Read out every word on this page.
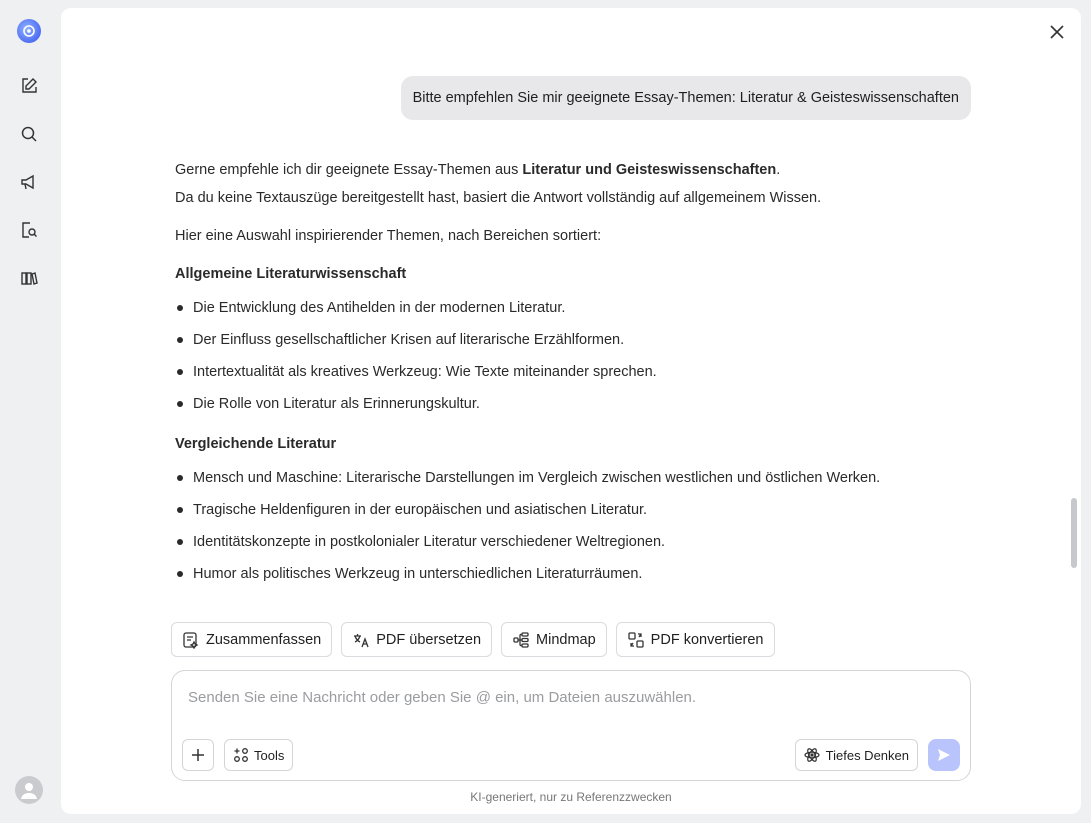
Bitte empfehlen Sie mir geeignete Essay-Themen: Literatur & Geisteswissenschaften

Gerne empfehle ich dir geeignete Essay-Themen aus Literatur und Geisteswissenschaften.

Da du keine Textauszüge bereitgestellt hast, basiert die Antwort vollständig auf allgemeinem Wissen.

Hier eine Auswahl inspirierender Themen, nach Bereichen sortiert:

Allgemeine Literaturwissenschaft
Die Entwicklung des Antihelden in der modernen Literatur.
Der Einfluss gesellschaftlicher Krisen auf literarische Erzählformen.
Intertextualität als kreatives Werkzeug: Wie Texte miteinander sprechen.
Die Rolle von Literatur als Erinnerungskultur.
Vergleichende Literatur
Mensch und Maschine: Literarische Darstellungen im Vergleich zwischen westlichen und östlichen Werken.
Tragische Heldenfiguren in der europäischen und asiatischen Literatur.
Identitätskonzepte in postkolonialer Literatur verschiedener Weltregionen.
Humor als politisches Werkzeug in unterschiedlichen Literaturräumen.
Zusammenfassen	PDF übersetzen	Mindmap	PDF konvertieren
Senden Sie eine Nachricht oder geben Sie @ ein, um Dateien auszuwählen.
Tools	Tiefes Denken
KI-generiert, nur zu Referenzzwecken
